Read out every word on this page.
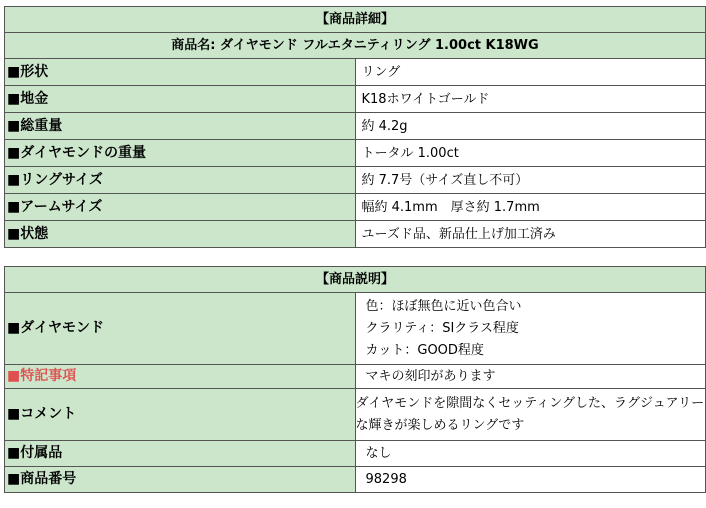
【商品詳細】	
商品名: ダイヤモンド フルエタニティリング 1.00ct K18WG	
■形状	リング
■地金	K18ホワイトゴールド
■総重量	約 4.2g
■ダイヤモンドの重量	トータル 1.00ct
■リングサイズ	約 7.7号（サイズ直し不可）
■アームサイズ	幅約 4.1mm　厚さ約 1.7mm
■状態	ユーズド品、新品仕上げ加工済み
【商品説明】	
■ダイヤモンド	色：ほぼ無色に近い色合い
クラリティ：SIクラス程度
カット：GOOD程度

■特記事項	マキの刻印があります
■コメント	ダイヤモンドを隙間なくセッティングした、ラグジュアリーな輝きが楽しめるリングです
■付属品	なし
■商品番号	98298
